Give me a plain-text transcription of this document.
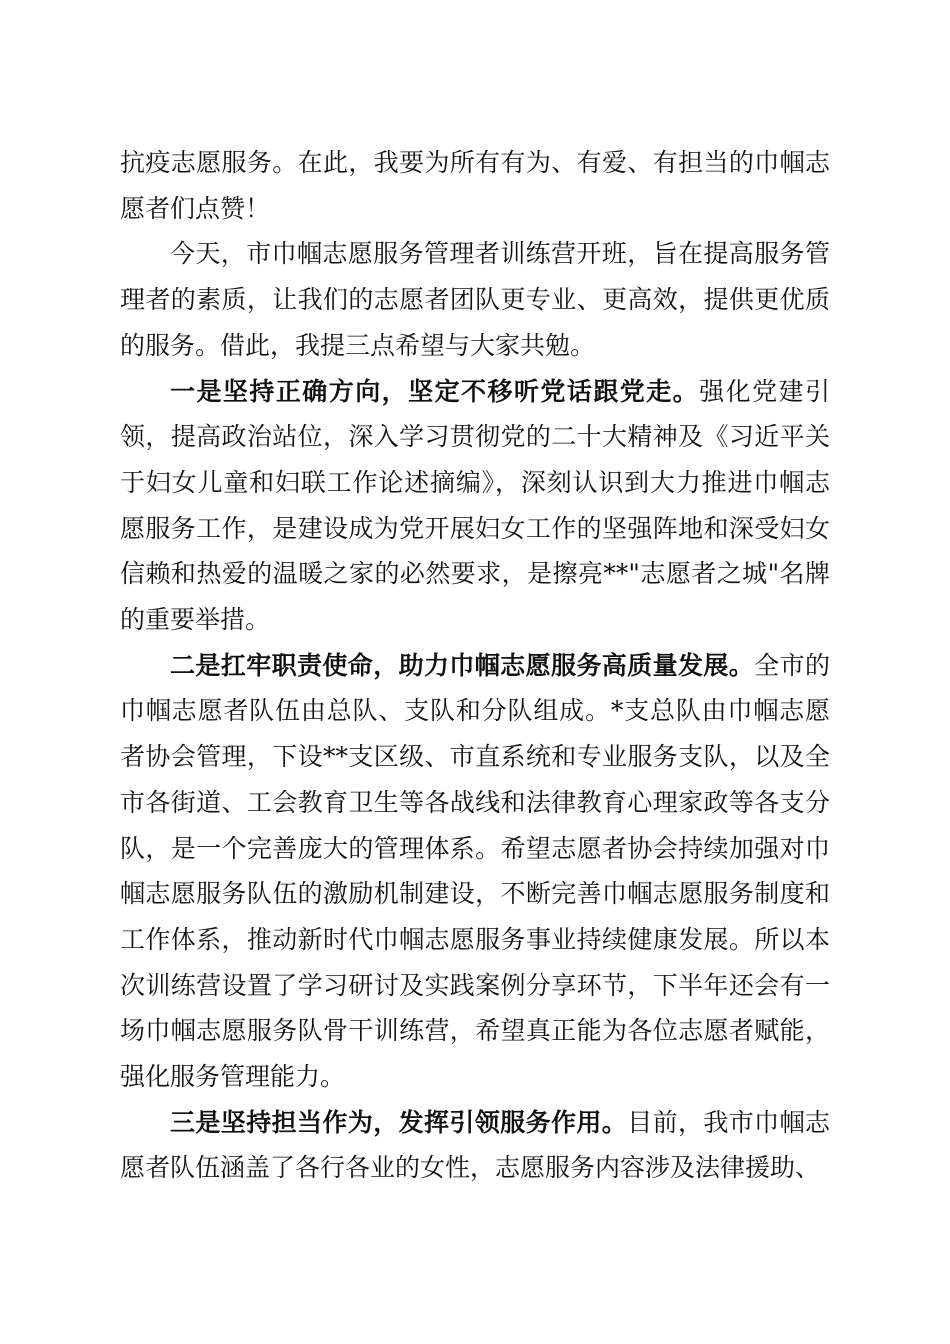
抗疫志愿服务。在此，我要为所有有为、有爱、有担当的巾帼志愿者们点赞！

今天，市巾帼志愿服务管理者训练营开班，旨在提高服务管理者的素质，让我们的志愿者团队更专业、更高效，提供更优质的服务。借此，我提三点希望与大家共勉。

一是坚持正确方向，坚定不移听党话跟党走。强化党建引领，提高政治站位，深入学习贯彻党的二十大精神及《习近平关于妇女儿童和妇联工作论述摘编》，深刻认识到大力推进巾帼志愿服务工作，是建设成为党开展妇女工作的坚强阵地和深受妇女信赖和热爱的温暖之家的必然要求，是擦亮**"志愿者之城"名牌的重要举措。

二是扛牢职责使命，助力巾帼志愿服务高质量发展。全市的巾帼志愿者队伍由总队、支队和分队组成。*支总队由巾帼志愿者协会管理，下设**支区级、市直系统和专业服务支队，以及全市各街道、工会教育卫生等各战线和法律教育心理家政等各支分队，是一个完善庞大的管理体系。希望志愿者协会持续加强对巾帼志愿服务队伍的激励机制建设，不断完善巾帼志愿服务制度和工作体系，推动新时代巾帼志愿服务事业持续健康发展。所以本次训练营设置了学习研讨及实践案例分享环节，下半年还会有一场巾帼志愿服务队骨干训练营，希望真正能为各位志愿者赋能，强化服务管理能力。

三是坚持担当作为，发挥引领服务作用。目前，我市巾帼志愿者队伍涵盖了各行各业的女性，志愿服务内容涉及法律援助、
